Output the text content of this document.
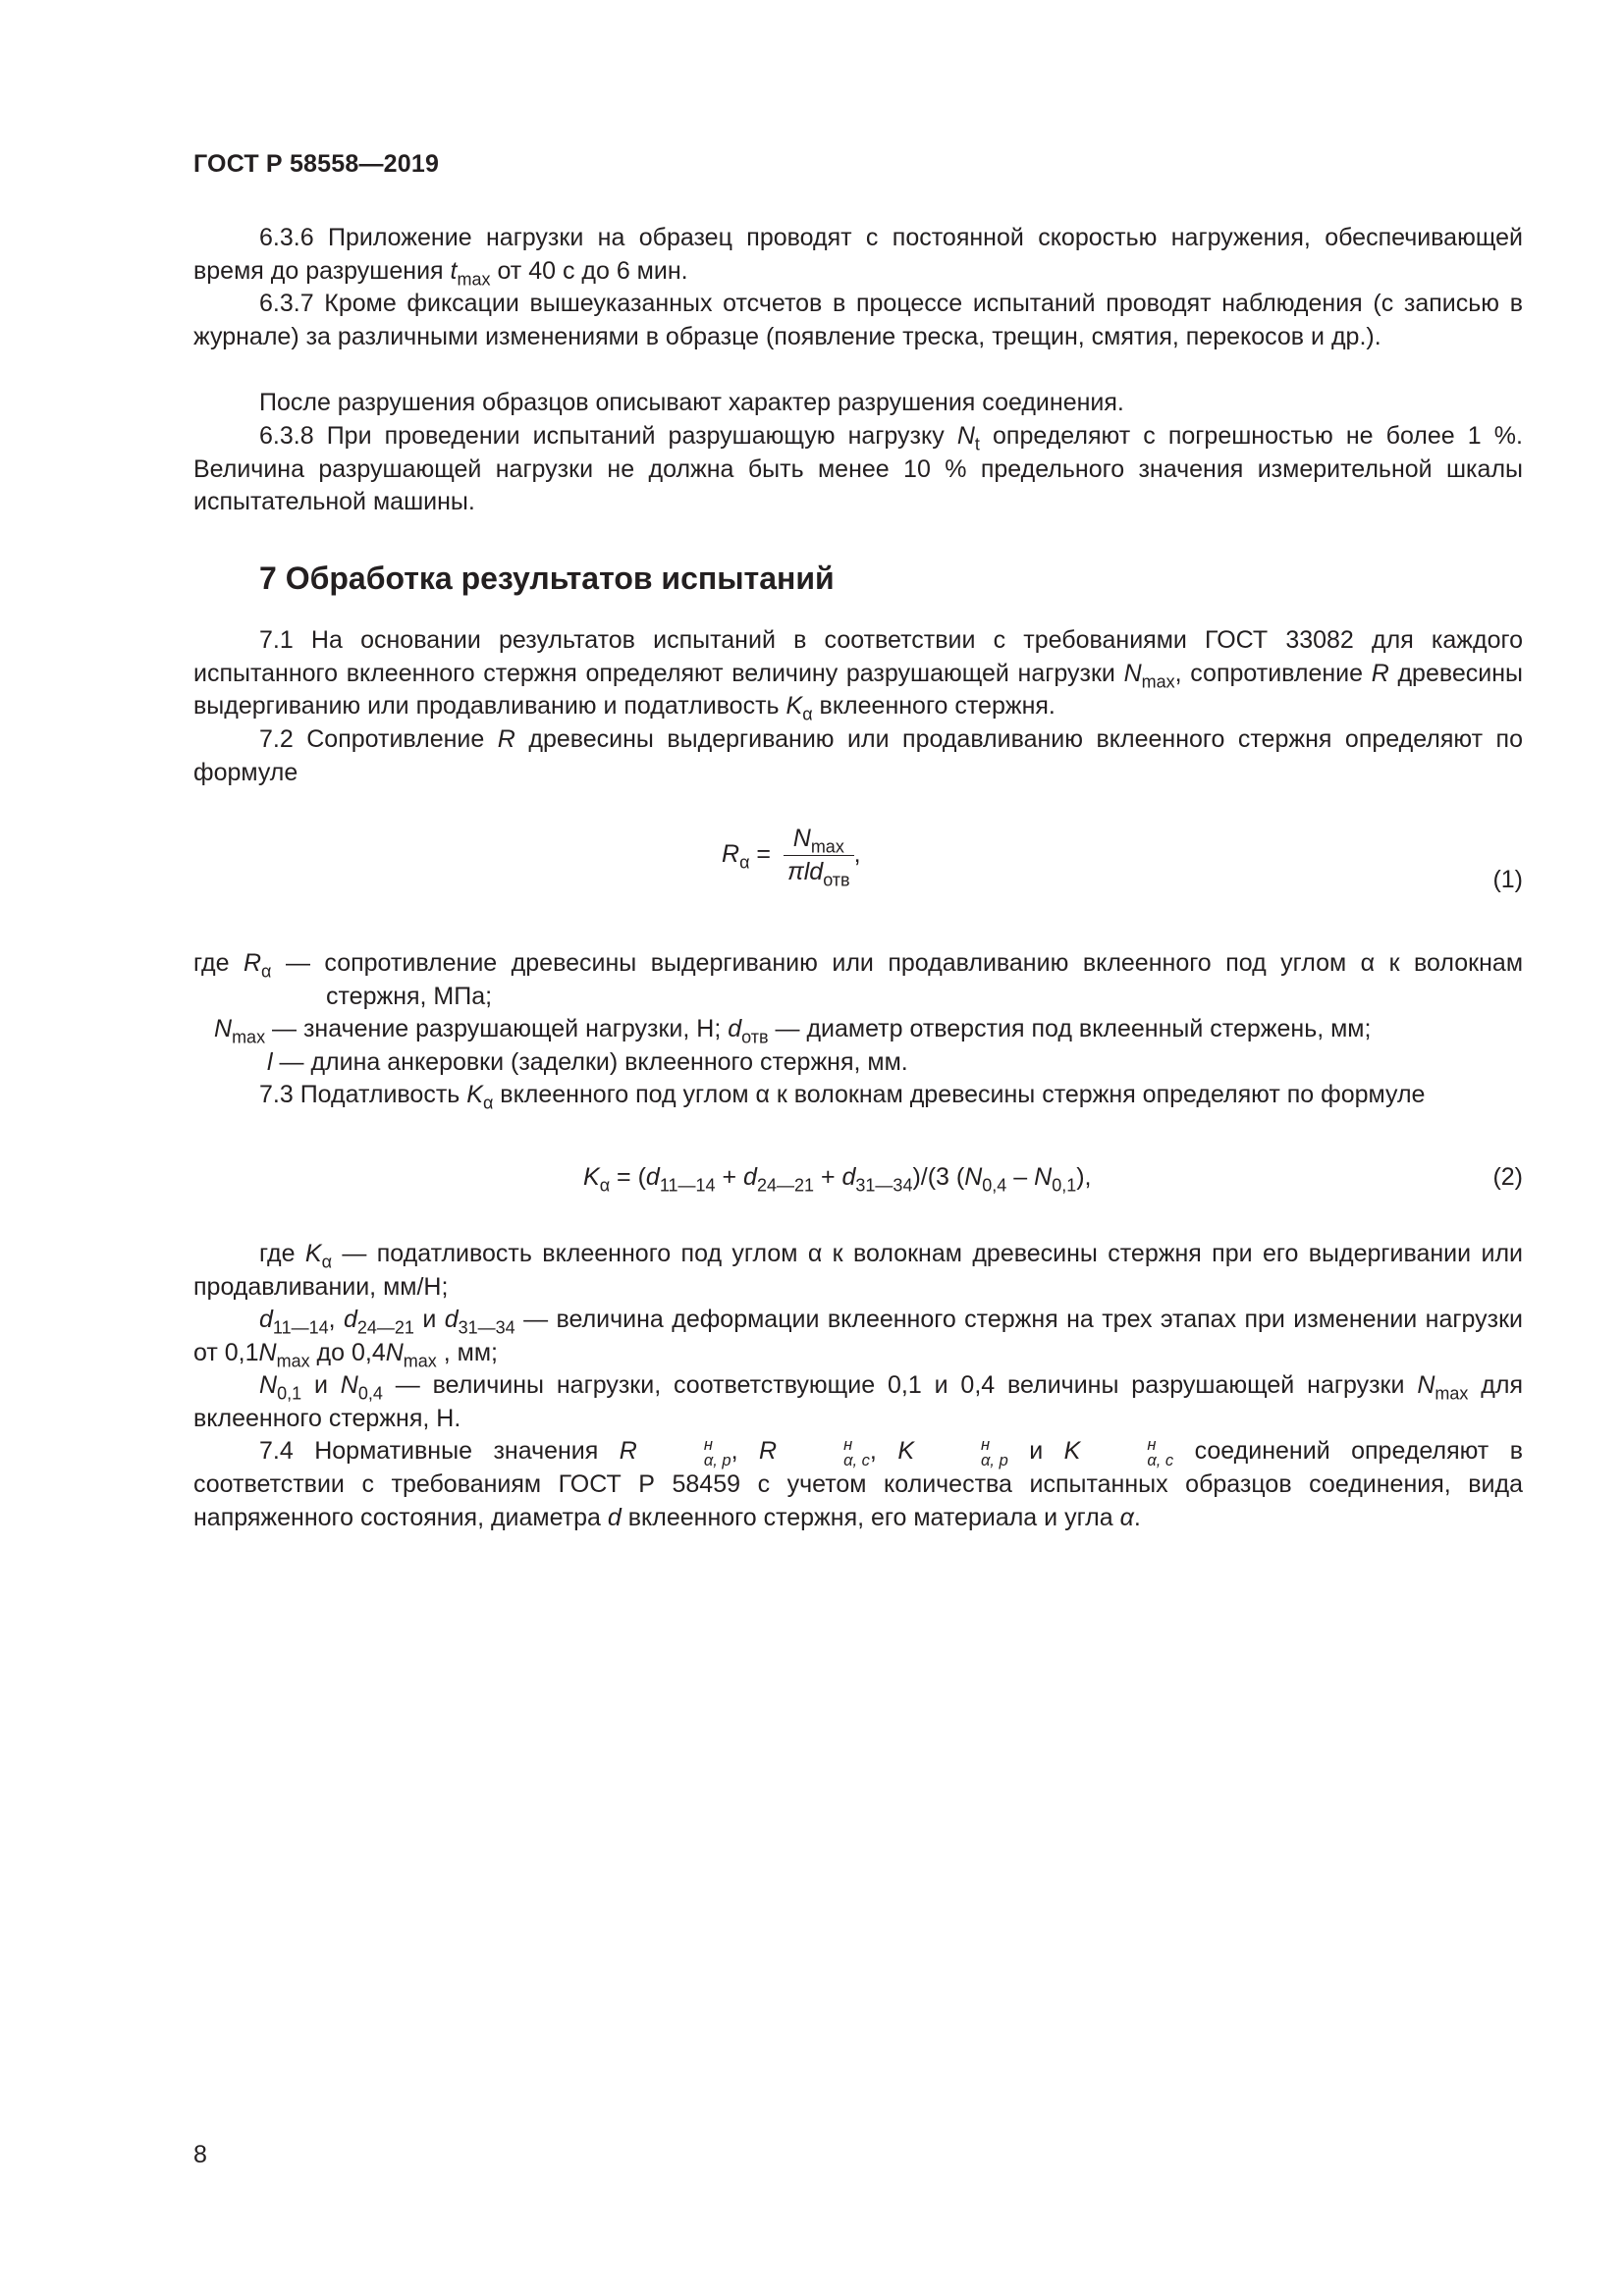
ГОСТ Р 58558—2019

6.3.6 Приложение нагрузки на образец проводят с постоянной скоростью нагружения, обеспечивающей время до разрушения $t_{max}$ от 40 с до 6 мин.

6.3.7 Кроме фиксации вышеуказанных отсчетов в процессе испытаний проводят наблюдения (с записью в журнале) за различными изменениями в образце (появление треска, трещин, смятия, перекосов и др.).
После разрушения образцов описывают характер разрушения соединения.

6.3.8 При проведении испытаний разрушающую нагрузку $N_t$ определяют с погрешностью не более 1 %. Величина разрушающей нагрузки не должна быть менее 10 % предельного значения измерительной шкалы испытательной машины.

7 Обработка результатов испытаний

7.1 На основании результатов испытаний в соответствии с требованиями ГОСТ 33082 для каждого испытанного вклеенного стержня определяют величину разрушающей нагрузки $N_{max}$, сопротивление R древесины выдергиванию или продавливанию и податливость $K_\alpha$ вклеенного стержня.

7.2 Сопротивление R древесины выдергиванию или продавливанию вклеенного стержня определяют по формуле

$R_\alpha = \frac{N_{max}}{\pi ld_{отв}}$ ,
(1)
где $R_\alpha$ — сопротивление древесины выдергиванию или продавливанию вклеенного под углом α к волокнам стержня, МПа;
$N_{max}$ — значение разрушающей нагрузки, Н; $d_{отв}$ — диаметр отверстия под вклеенный стержень, мм;
l — длина анкеровки (заделки) вклеенного стержня, мм.

7.3 Податливость $K_\alpha$ вклеенного под углом α к волокнам древесины стержня определяют по формуле

$K_\alpha = (d_{11—14} + d_{24—21} + d_{31—34})/(3$ $(N_{0,4} - N_{0,1})$,	(2)

где $K_\alpha$ — податливость вклеенного под углом α к волокнам древесины стержня при его выдергивании или продавливании, мм/Н;

$d_{11—14}$, $d_{24—21}$ и $d_{31—34}$ — величина деформации вклеенного стержня на трех этапах при изменении нагрузки от $0,1N_{max}$ до $0,4N_{max}$ , мм;

$N_{0,1}$ и $N_{0,4}$ — величины нагрузки, соответствующие 0,1 и 0,4 величины разрушающей нагрузки $N_{max}$ для вклеенного стержня, Н.

7.4 Нормативные значения R	н
α, p , R	н
α, c , K	н
α, p и K	н
α, c соединений определяют в соответствии с требованиям ГОСТ Р 58459 с учетом количества испытанных образцов соединения, вида напряженного состояния, диаметра d вклеенного стержня, его материала и угла α.

8
